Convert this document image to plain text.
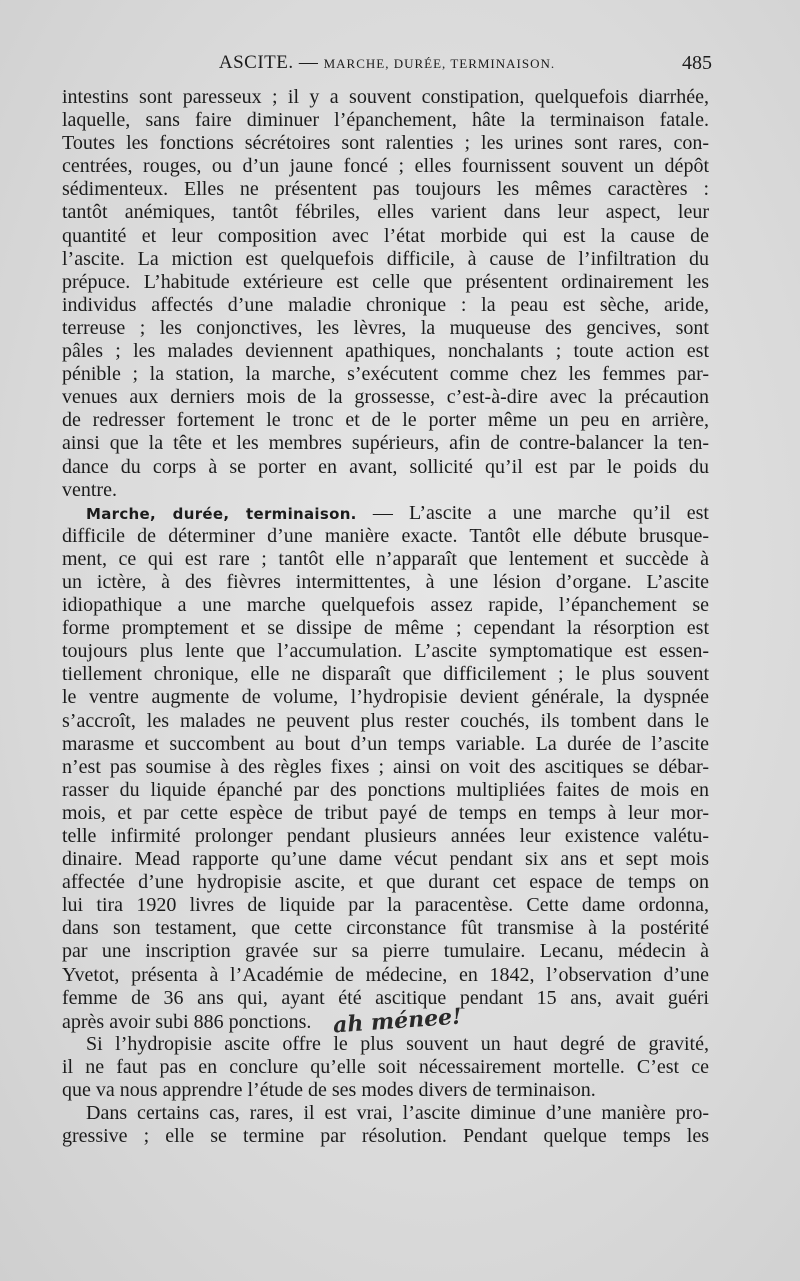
ASCITE. — MARCHE, DURÉE, TERMINAISON.	485
intestins sont paresseux ; il y a souvent constipation, quelquefois diarrhée,
laquelle, sans faire diminuer l’épanchement, hâte la terminaison fatale.
Toutes les fonctions sécrétoires sont ralenties ; les urines sont rares, con-
centrées, rouges, ou d’un jaune foncé ; elles fournissent souvent un dépôt
sédimenteux. Elles ne présentent pas toujours les mêmes caractères :
tantôt anémiques, tantôt fébriles, elles varient dans leur aspect, leur
quantité et leur composition avec l’état morbide qui est la cause de
l’ascite. La miction est quelquefois difficile, à cause de l’infiltration du
prépuce. L’habitude extérieure est celle que présentent ordinairement les
individus affectés d’une maladie chronique : la peau est sèche, aride,
terreuse ; les conjonctives, les lèvres, la muqueuse des gencives, sont
pâles ; les malades deviennent apathiques, nonchalants ; toute action est
pénible ; la station, la marche, s’exécutent comme chez les femmes par-
venues aux derniers mois de la grossesse, c’est-à-dire avec la précaution
de redresser fortement le tronc et de le porter même un peu en arrière,
ainsi que la tête et les membres supérieurs, afin de contre-balancer la ten-
dance du corps à se porter en avant, sollicité qu’il est par le poids du
ventre.
Marche, durée, terminaison. — L’ascite a une marche qu’il est
difficile de déterminer d’une manière exacte. Tantôt elle débute brusque-
ment, ce qui est rare ; tantôt elle n’apparaît que lentement et succède à
un ictère, à des fièvres intermittentes, à une lésion d’organe. L’ascite
idiopathique a une marche quelquefois assez rapide, l’épanchement se
forme promptement et se dissipe de même ; cependant la résorption est
toujours plus lente que l’accumulation. L’ascite symptomatique est essen-
tiellement chronique, elle ne disparaît que difficilement ; le plus souvent
le ventre augmente de volume, l’hydropisie devient générale, la dyspnée
s’accroît, les malades ne peuvent plus rester couchés, ils tombent dans le
marasme et succombent au bout d’un temps variable. La durée de l’ascite
n’est pas soumise à des règles fixes ; ainsi on voit des ascitiques se débar-
rasser du liquide épanché par des ponctions multipliées faites de mois en
mois, et par cette espèce de tribut payé de temps en temps à leur mor-
telle infirmité prolonger pendant plusieurs années leur existence valétu-
dinaire. Mead rapporte qu’une dame vécut pendant six ans et sept mois
affectée d’une hydropisie ascite, et que durant cet espace de temps on
lui tira 1920 livres de liquide par la paracentèse. Cette dame ordonna,
dans son testament, que cette circonstance fût transmise à la postérité
par une inscription gravée sur sa pierre tumulaire. Lecanu, médecin à
Yvetot, présenta à l’Académie de médecine, en 1842, l’observation d’une
femme de 36 ans qui, ayant été ascitique pendant 15 ans, avait guéri
après avoir subi 886 ponctions. ah ménee!
Si l’hydropisie ascite offre le plus souvent un haut degré de gravité,
il ne faut pas en conclure qu’elle soit nécessairement mortelle. C’est ce
que va nous apprendre l’étude de ses modes divers de terminaison.
Dans certains cas, rares, il est vrai, l’ascite diminue d’une manière pro-
gressive ; elle se termine par résolution. Pendant quelque temps les
